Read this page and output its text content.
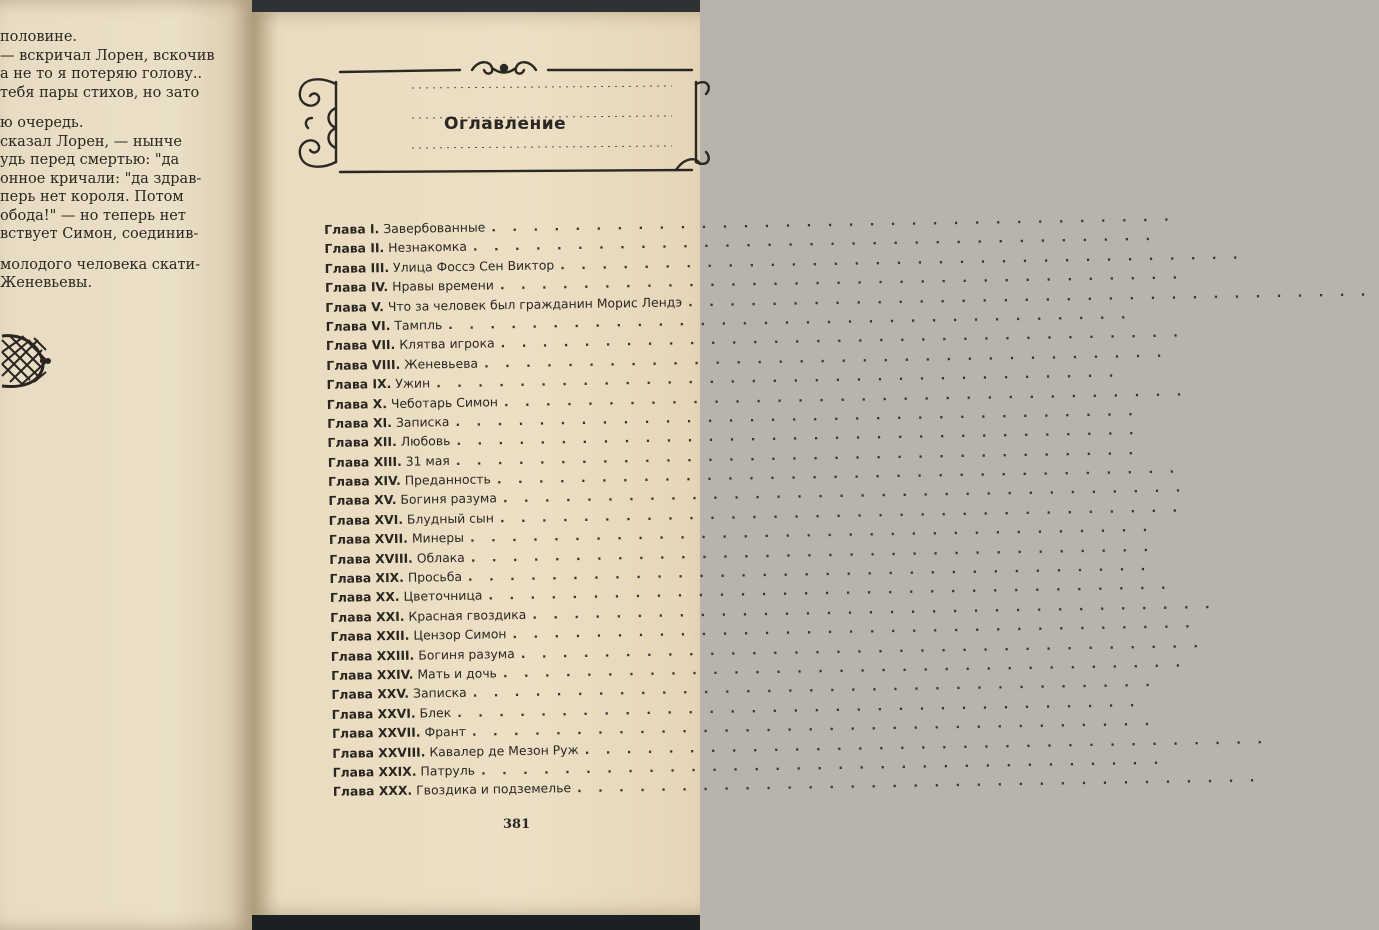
половине.
— вскричал Лорен, вскочив
а не то я потеряю голову..
тебя пары стихов, но зато
ю очередь.
сказал Лорен, — нынче
удь перед смертью: "да
онное кричали: "да здрав-
перь нет короля. Потом
ободa!" — но теперь нет
вствует Симон, соединив-
молодого человека скати-
Женевьевы.
Оглавление
Глава I. Завербованные . . . . . . . . . . . . . . . . . . . . . . . . . . . . . . . . .
Глава II. Незнакомка . . . . . . . . . . . . . . . . . . . . . . . . . . . . . . . . .
Глава III. Улица Фоссэ Сен Виктор . . . . . . . . . . . . . . . . . . . . . . . . . . . . . . . . .
Глава IV. Нравы времени . . . . . . . . . . . . . . . . . . . . . . . . . . . . . . . . .
Глава V. Что за человек был гражданин Морис Лендэ . . . . . . . . . . . . . . . . . . . . . . . . . . . . . . . . .
Глава VI. Тампль . . . . . . . . . . . . . . . . . . . . . . . . . . . . . . . . .
Глава VII. Клятва игрока . . . . . . . . . . . . . . . . . . . . . . . . . . . . . . . . .
Глава VIII. Женевьева . . . . . . . . . . . . . . . . . . . . . . . . . . . . . . . . .
Глава IX. Ужин . . . . . . . . . . . . . . . . . . . . . . . . . . . . . . . . .
Глава X. Чеботарь Симон . . . . . . . . . . . . . . . . . . . . . . . . . . . . . . . . .
Глава XI. Записка . . . . . . . . . . . . . . . . . . . . . . . . . . . . . . . . .
Глава XII. Любовь . . . . . . . . . . . . . . . . . . . . . . . . . . . . . . . . .
Глава XIII. 31 мая . . . . . . . . . . . . . . . . . . . . . . . . . . . . . . . . .
Глава XIV. Преданность . . . . . . . . . . . . . . . . . . . . . . . . . . . . . . . . .
Глава XV. Богиня разума . . . . . . . . . . . . . . . . . . . . . . . . . . . . . . . . .
Глава XVI. Блудный сын . . . . . . . . . . . . . . . . . . . . . . . . . . . . . . . . .
Глава XVII. Минеры . . . . . . . . . . . . . . . . . . . . . . . . . . . . . . . . .
Глава XVIII. Облака . . . . . . . . . . . . . . . . . . . . . . . . . . . . . . . . .
Глава XIX. Просьба . . . . . . . . . . . . . . . . . . . . . . . . . . . . . . . . .
Глава XX. Цветочница . . . . . . . . . . . . . . . . . . . . . . . . . . . . . . . . .
Глава XXI. Красная гвоздика . . . . . . . . . . . . . . . . . . . . . . . . . . . . . . . . .
Глава XXII. Цензор Симон . . . . . . . . . . . . . . . . . . . . . . . . . . . . . . . . .
Глава XXIII. Богиня разума . . . . . . . . . . . . . . . . . . . . . . . . . . . . . . . . .
Глава XXIV. Мать и дочь . . . . . . . . . . . . . . . . . . . . . . . . . . . . . . . . .
Глава XXV. Записка . . . . . . . . . . . . . . . . . . . . . . . . . . . . . . . . .
Глава XXVI. Блек . . . . . . . . . . . . . . . . . . . . . . . . . . . . . . . . .
Глава XXVII. Франт . . . . . . . . . . . . . . . . . . . . . . . . . . . . . . . . .
Глава XXVIII. Кавалер де Мезон Руж . . . . . . . . . . . . . . . . . . . . . . . . . . . . . . . . .
Глава XXIX. Патруль . . . . . . . . . . . . . . . . . . . . . . . . . . . . . . . . .
Глава XXX. Гвоздика и подземелье . . . . . . . . . . . . . . . . . . . . . . . . . . . . . . . . .
381
